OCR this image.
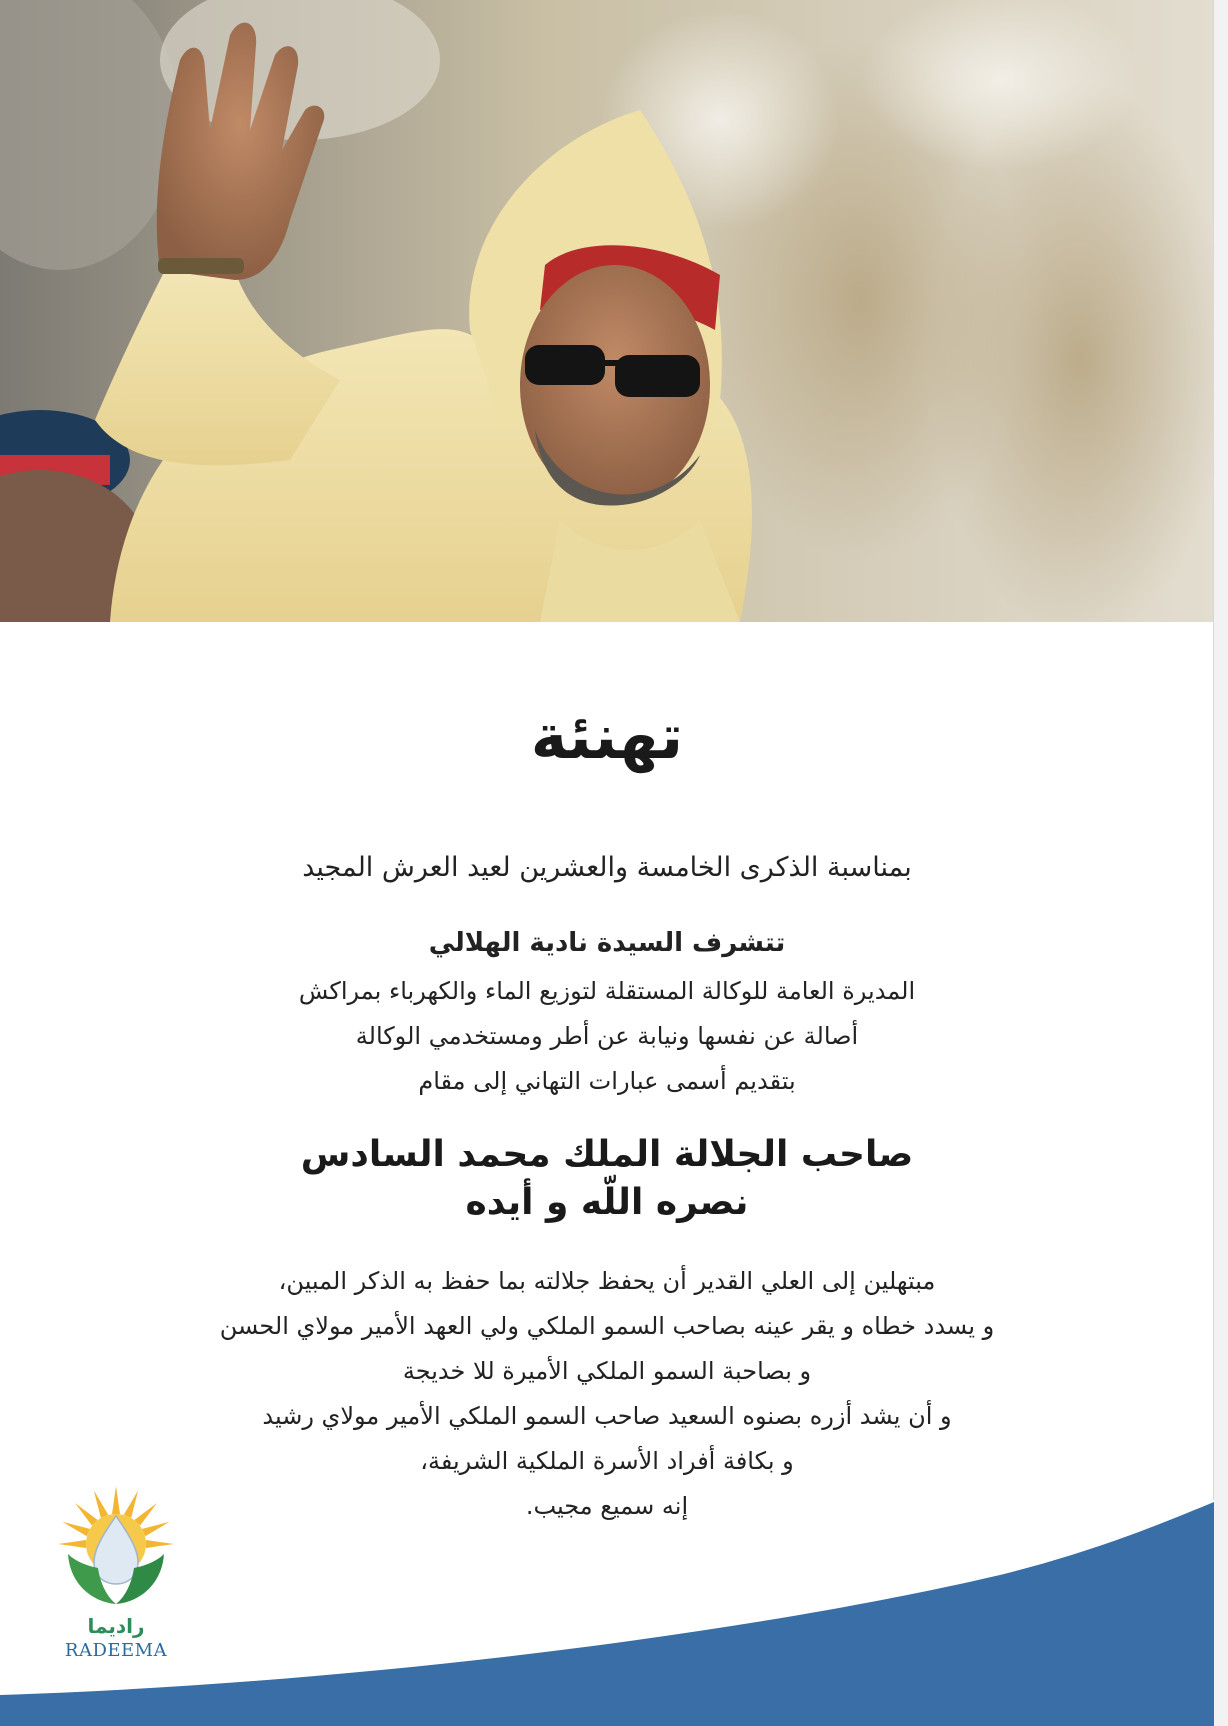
تهنئة
بمناسبة الذكرى الخامسة والعشرين لعيد العرش المجيد
تتشرف السيدة نادية الهلالي
المديرة العامة للوكالة المستقلة لتوزيع الماء والكهرباء بمراكش
أصالة عن نفسها ونيابة عن أطر ومستخدمي الوكالة
بتقديم أسمى عبارات التهاني إلى مقام
صاحب الجلالة الملك محمد السادس
نصره اللّه و أيده
مبتهلين إلى العلي القدير أن يحفظ جلالته بما حفظ به الذكر المبين،
و يسدد خطاه و يقر عينه بصاحب السمو الملكي ولي العهد الأمير مولاي الحسن
و بصاحبة السمو الملكي الأميرة للا خديجة
و أن يشد أزره بصنوه السعيد صاحب السمو الملكي الأمير مولاي رشيد
و بكافة أفراد الأسرة الملكية الشريفة،
إنه سميع مجيب.
راديما
RADEEMA
